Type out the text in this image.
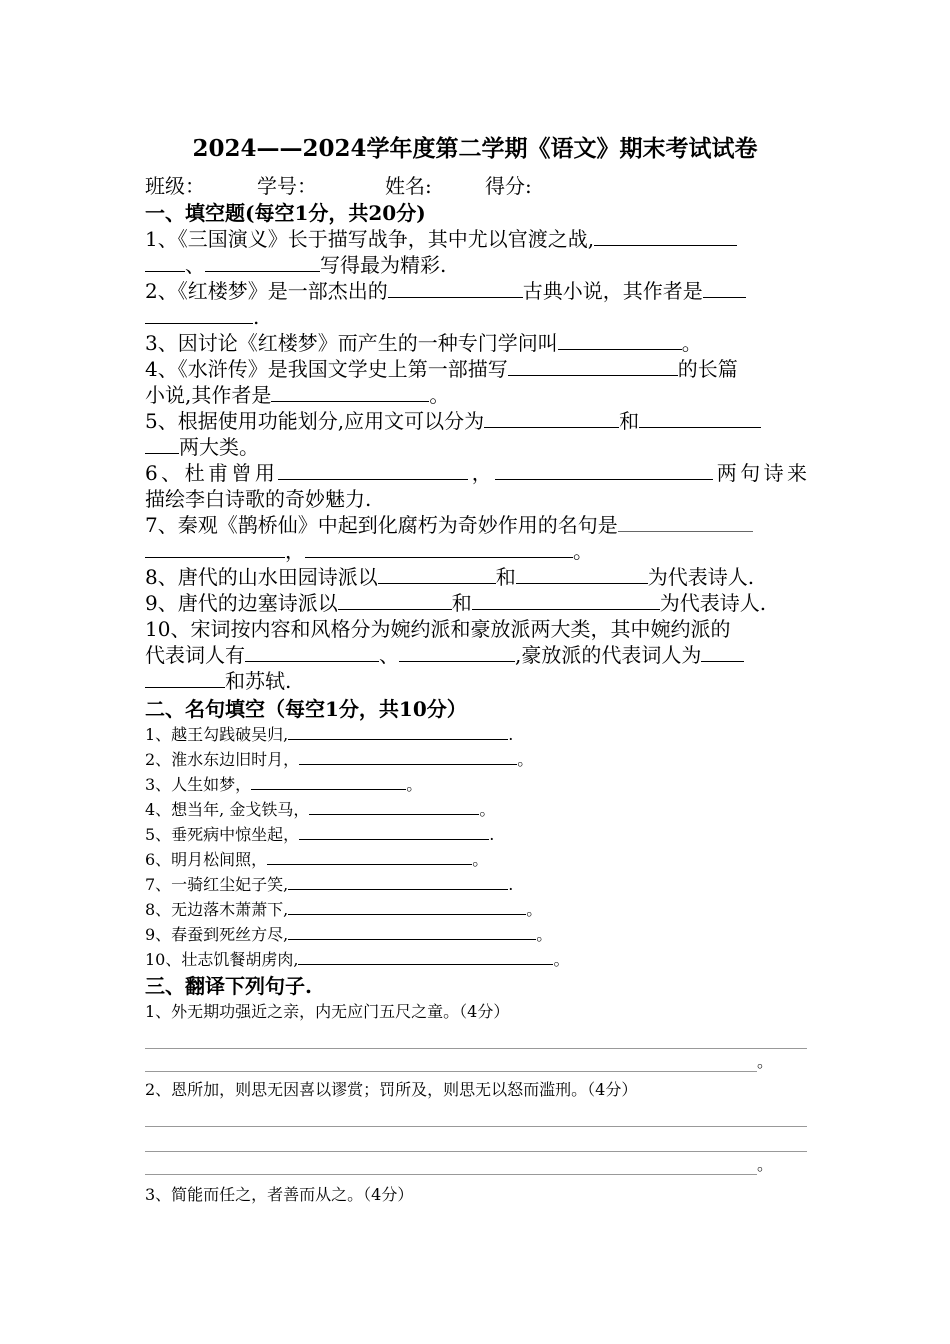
2024——2024学年度第二学期《语文》期末考试试卷
班级：	学号：	姓名:	得分:
一、填空题(每空1分，共20分)
1、《三国演义》长于描写战争，其中尤以官渡之战,
、	写得最为精彩.
2、《红楼梦》是一部杰出的	古典小说，其作者是
.
3、因讨论《红楼梦》而产生的一种专门学问叫	。
4、《水浒传》是我国文学史上第一部描写	的长篇
小说,其作者是	。
5、根据使用功能划分,应用文可以分为	和
两大类。
6、杜甫曾用	，	两句诗来
描绘李白诗歌的奇妙魅力.
7、秦观《鹊桥仙》中起到化腐朽为奇妙作用的名句是
，	。
8、唐代的山水田园诗派以	和	为代表诗人.
9、唐代的边塞诗派以	和	为代表诗人.
10、宋词按内容和风格分为婉约派和豪放派两大类，其中婉约派的
代表词人有	、	,豪放派的代表词人为
和苏轼.
二、名句填空（每空1分，共10分）
1、越王勾践破吴归,	.
2、淮水东边旧时月，	。
3、人生如梦，	。
4、想当年, 金戈铁马，	。
5、垂死病中惊坐起，	.
6、明月松间照，	。
7、一骑红尘妃子笑,	.
8、无边落木萧萧下,	。
9、春蚕到死丝方尽,	。
10、壮志饥餐胡虏肉,	。
三、翻译下列句子.
1、外无期功强近之亲，内无应门五尺之童。（4分）
。
2、恩所加，则思无因喜以谬赏；罚所及，则思无以怒而滥刑。（4分）
。
3、简能而任之，者善而从之。（4分）
